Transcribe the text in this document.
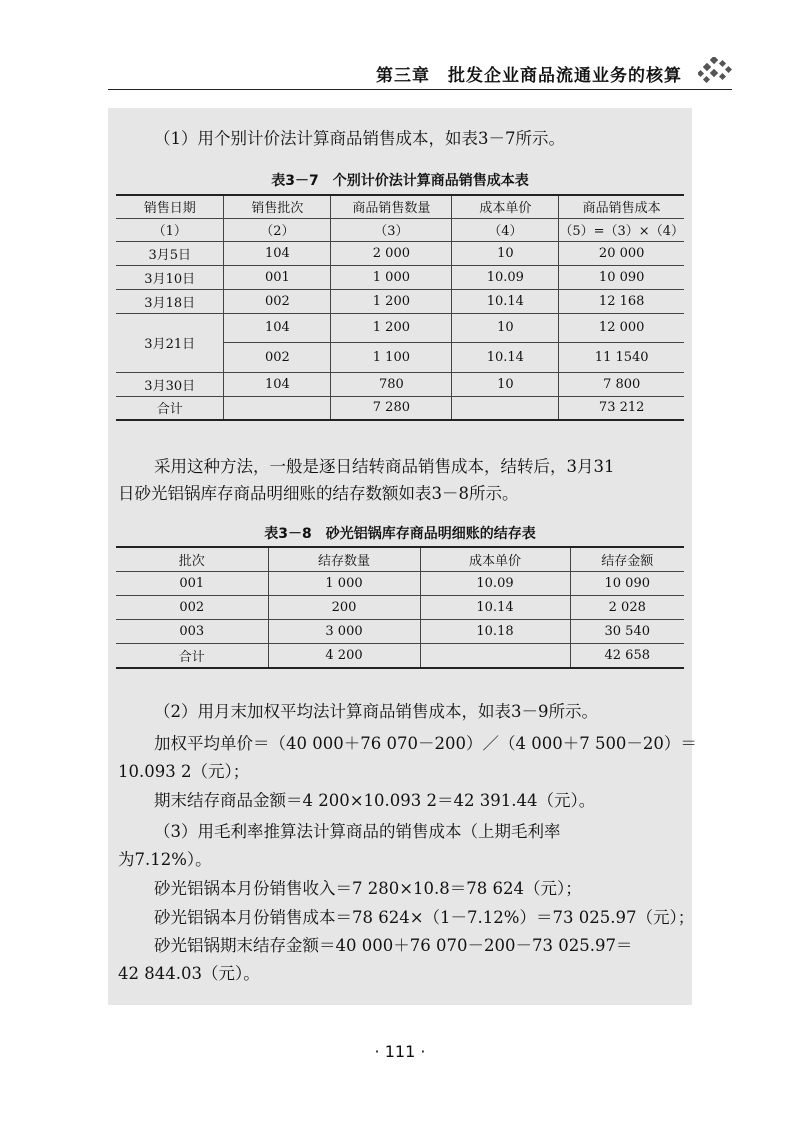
第三章　批发企业商品流通业务的核算
（1）用个别计价法计算商品销售成本，如表3－7所示。
表3－7　个别计价法计算商品销售成本表
销售日期	销售批次	商品销售数量	成本单价	商品销售成本
（1）	（2）	（3）	（4）	（5）=（3）×（4）
3月5日	104	2 000	10	20 000
3月10日	001	1 000	10.09	10 090
3月18日	002	1 200	10.14	12 168
3月21日	104	1 200	10	12 000
	002	1 100	10.14	11 1540
3月30日	104	780	10	7 800
合计		7 280		73 212
采用这种方法，一般是逐日结转商品销售成本，结转后，3月31
日砂光铝锅库存商品明细账的结存数额如表3－8所示。
表3－8　砂光铝锅库存商品明细账的结存表
批次	结存数量	成本单价	结存金额
001	1 000	10.09	10 090
002	200	10.14	2 028
003	3 000	10.18	30 540
合计	4 200		42 658
（2）用月末加权平均法计算商品销售成本，如表3－9所示。
加权平均单价＝（40 000＋76 070－200）／（4 000＋7 500－20）＝
10.093 2（元）；
期末结存商品金额＝4 200×10.093 2＝42 391.44（元）。
（3）用毛利率推算法计算商品的销售成本（上期毛利率
为7.12%）。
砂光铝锅本月份销售收入＝7 280×10.8＝78 624（元）；
砂光铝锅本月份销售成本＝78 624×（1－7.12%）＝73 025.97（元）；
砂光铝锅期末结存金额＝40 000＋76 070－200－73 025.97＝
42 844.03（元）。
· 111 ·
